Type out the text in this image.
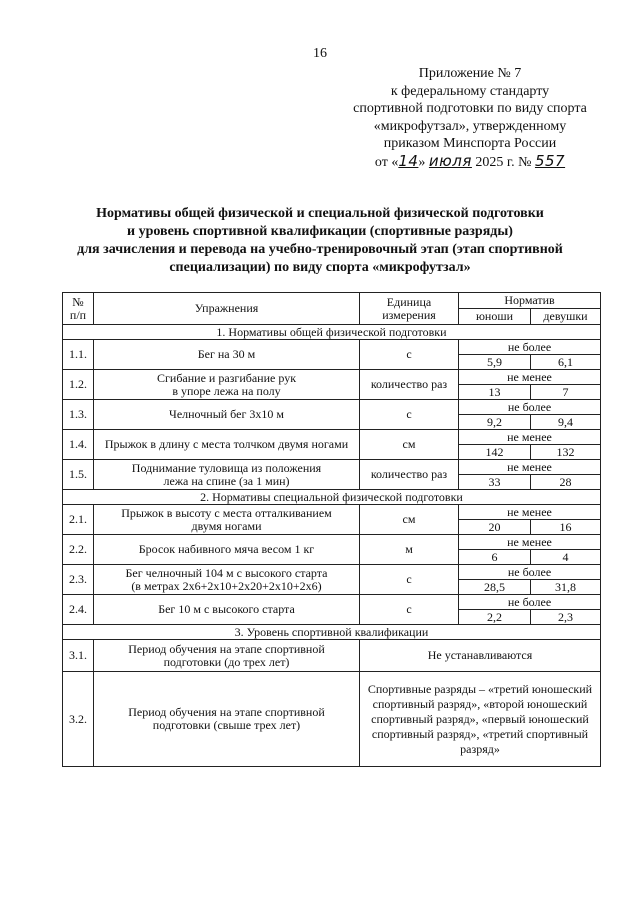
16
Приложение № 7
к федеральному стандарту
спортивной подготовки по виду спорта
«микрофутзал», утвержденному
приказом Минспорта России
от «14» июля 2025 г. № 557
Нормативы общей физической и специальной физической подготовки
и уровень спортивной квалификации (спортивные разряды)
для зачисления и перевода на учебно-тренировочный этап (этап спортивной
специализации) по виду спорта «микрофутзал»
№
п/п	Упражнения	Единица
измерения	Норматив	
			юноши	девушки
1. Нормативы общей физической подготовки				
1.1.	Бег на 30 м	с	не более	
			5,9	6,1
1.2.	Сгибание и разгибание рук
в упоре лежа на полу	количество раз	не менее	
			13	7
1.3.	Челночный бег 3х10 м	с	не более	
			9,2	9,4
1.4.	Прыжок в длину с места толчком двумя ногами	см	не менее	
			142	132
1.5.	Поднимание туловища из положения
лежа на спине (за 1 мин)	количество раз	не менее	
			33	28
2. Нормативы специальной физической подготовки				
2.1.	Прыжок в высоту с места отталкиванием
двумя ногами	см	не менее	
			20	16
2.2.	Бросок набивного мяча весом 1 кг	м	не менее	
			6	4
2.3.	Бег челночный 104 м с высокого старта
(в метрах 2х6+2х10+2х20+2х10+2х6)	с	не более	
			28,5	31,8
2.4.	Бег 10 м с высокого старта	с	не более	
			2,2	2,3
3. Уровень спортивной квалификации				
3.1.	Период обучения на этапе спортивной
подготовки (до трех лет)	Не устанавливаются		
3.2.	Период обучения на этапе спортивной
подготовки (свыше трех лет)	Спортивные разряды – «третий юношеский спортивный разряд», «второй юношеский спортивный разряд», «первый юношеский спортивный разряд», «третий спортивный разряд»		
